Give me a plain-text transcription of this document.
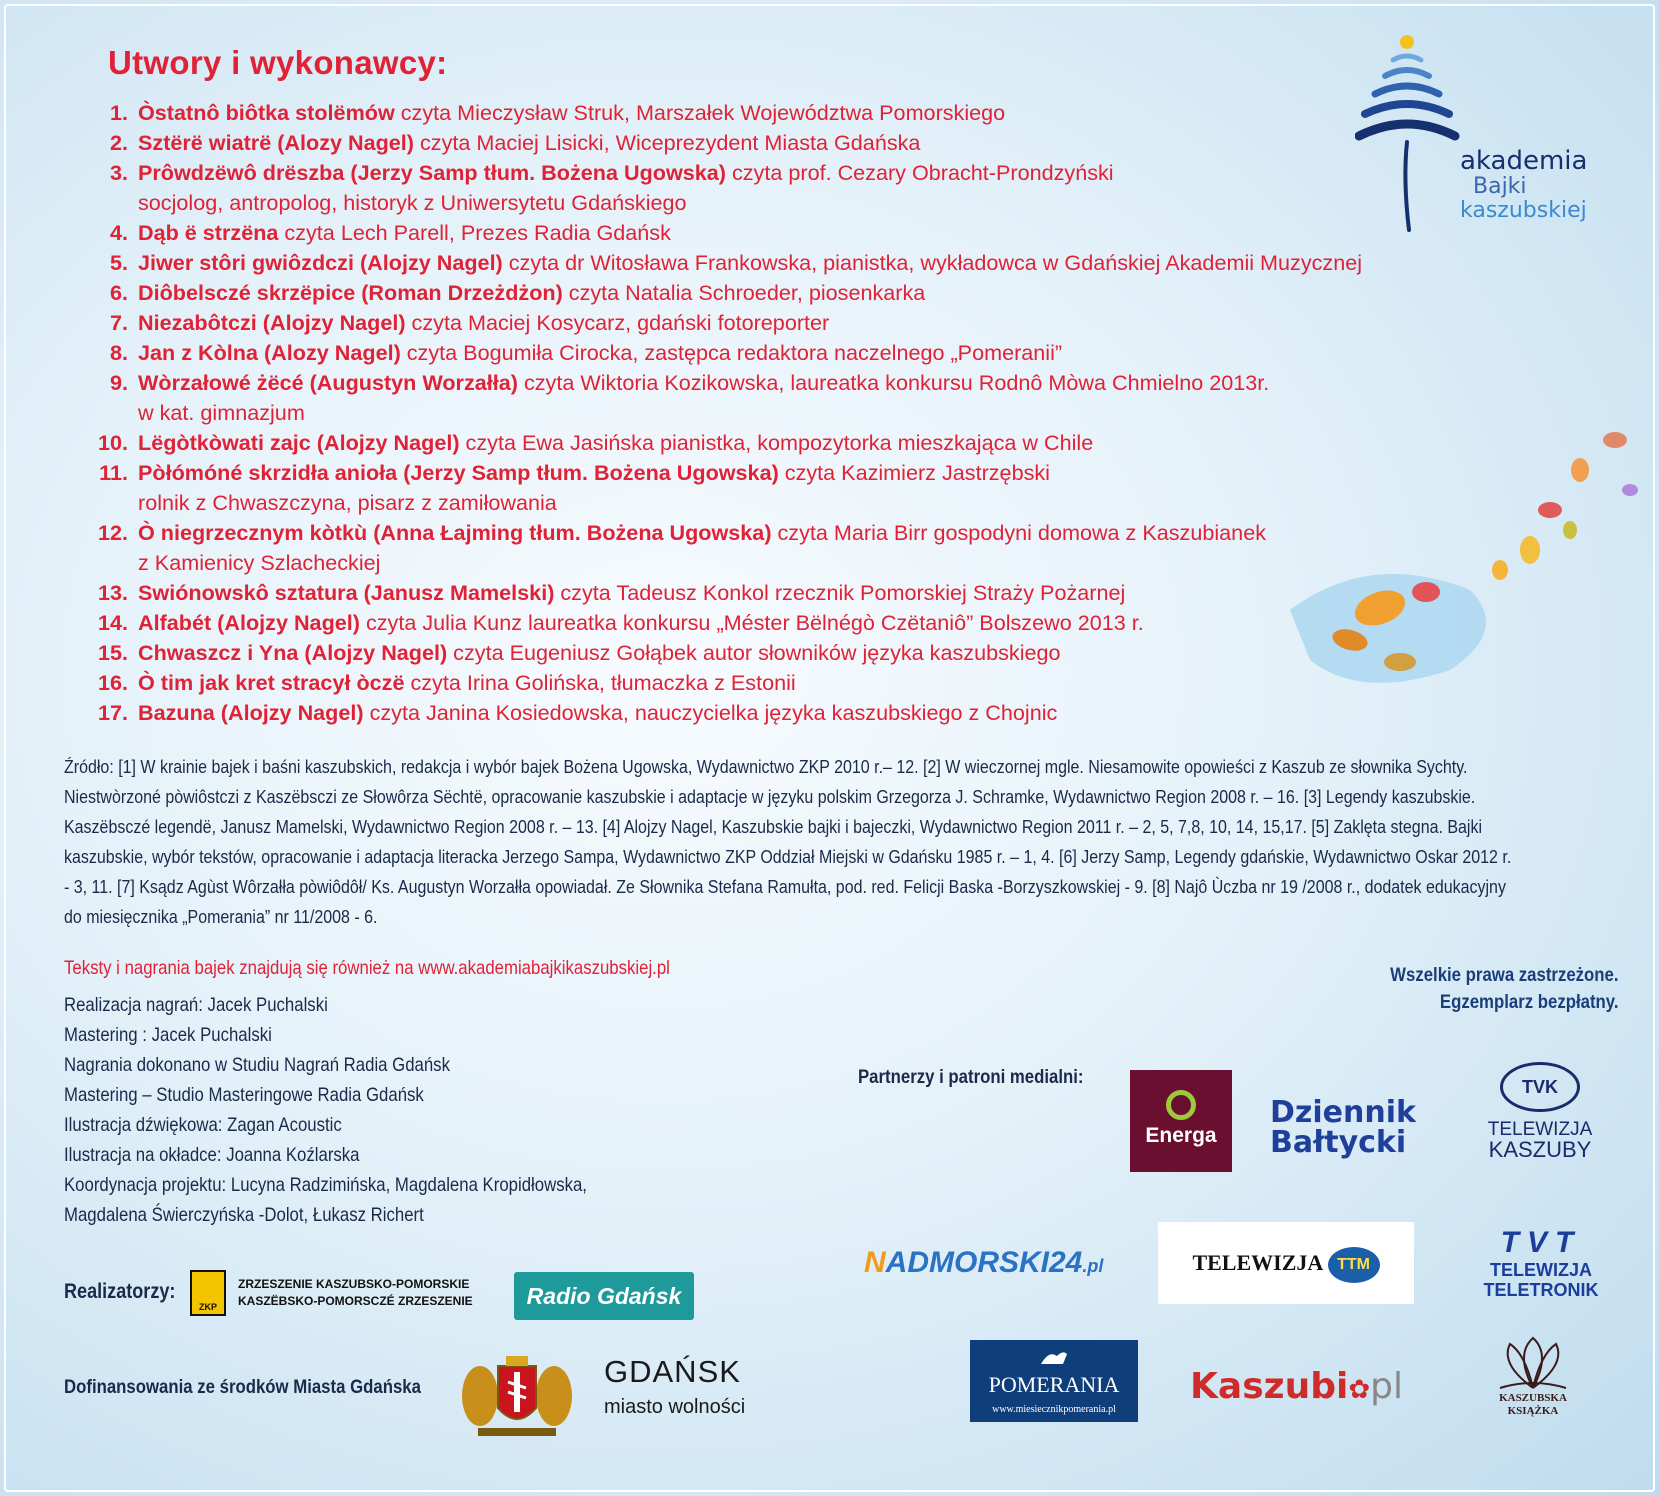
akademia
Bajki
kaszubskiej
Utwory i wykonawcy:
1. Òstatnô biôtka stolëmów czyta Mieczysław Struk, Marszałek Województwa Pomorskiego
2. Sztërë wiatrë (Alozy Nagel) czyta Maciej Lisicki, Wiceprezydent Miasta Gdańska
3. Prôwdzëwô drëszba (Jerzy Samp tłum. Bożena Ugowska) czyta prof. Cezary Obracht-Prondzyński
socjolog, antropolog, historyk z Uniwersytetu Gdańskiego
4. Dąb ë strzëna czyta Lech Parell, Prezes Radia Gdańsk
5. Jiwer stôri gwiôzdczi (Alojzy Nagel) czyta dr Witosława Frankowska, pianistka, wykładowca w Gdańskiej Akademii Muzycznej
6. Diôbelsczé skrzëpice (Roman Drzeżdżon) czyta Natalia Schroeder, piosenkarka
7. Niezabôtczi (Alojzy Nagel) czyta Maciej Kosycarz, gdański fotoreporter
8. Jan z Kòlna (Alozy Nagel) czyta Bogumiła Cirocka, zastępca redaktora naczelnego „Pomeranii”
9. Wòrzałowé żëcé (Augustyn Worzałła) czyta Wiktoria Kozikowska, laureatka konkursu Rodnô Mòwa Chmielno 2013r.
w kat. gimnazjum
10. Lëgòtkòwati zajc (Alojzy Nagel) czyta Ewa Jasińska pianistka, kompozytorka mieszkająca w Chile
11. Pòłómóné skrzidła anioła (Jerzy Samp tłum. Bożena Ugowska) czyta Kazimierz Jastrzębski
rolnik z Chwaszczyna, pisarz z zamiłowania
12. Ò niegrzecznym kòtkù (Anna Łajming tłum. Bożena Ugowska) czyta Maria Birr gospodyni domowa z Kaszubianek
z Kamienicy Szlacheckiej
13. Swiónowskô sztatura (Janusz Mamelski) czyta Tadeusz Konkol rzecznik Pomorskiej Straży Pożarnej
14. Alfabét (Alojzy Nagel) czyta Julia Kunz laureatka konkursu „Méster Bëlnégò Czëtaniô” Bolszewo 2013 r.
15. Chwaszcz i Yna (Alojzy Nagel) czyta Eugeniusz Gołąbek autor słowników języka kaszubskiego
16. Ò tim jak kret stracył òczë czyta Irina Golińska, tłumaczka z Estonii
17. Bazuna (Alojzy Nagel) czyta Janina Kosiedowska, nauczycielka języka kaszubskiego z Chojnic
Źródło: [1] W krainie bajek i baśni kaszubskich, redakcja i wybór bajek Bożena Ugowska, Wydawnictwo ZKP 2010 r.– 12. [2] W wieczornej mgle. Niesamowite opowieści z Kaszub ze słownika Sychty.
Niestwòrzoné pòwiôstczi z Kaszëbsczi ze Słowôrza Sëchtë, opracowanie kaszubskie i adaptacje w języku polskim Grzegorza J. Schramke, Wydawnictwo Region 2008 r. – 16. [3] Legendy kaszubskie.
Kaszëbsczé legendë, Janusz Mamelski, Wydawnictwo Region 2008 r. – 13. [4] Alojzy Nagel, Kaszubskie bajki i bajeczki, Wydawnictwo Region 2011 r. – 2, 5, 7,8, 10, 14, 15,17. [5] Zaklęta stegna. Bajki
kaszubskie, wybór tekstów, opracowanie i adaptacja literacka Jerzego Sampa, Wydawnictwo ZKP Oddział Miejski w Gdańsku 1985 r. – 1, 4. [6] Jerzy Samp, Legendy gdańskie, Wydawnictwo Oskar 2012 r.
- 3, 11. [7] Ksądz Agùst Wôrzałła pòwiôdôł/ Ks. Augustyn Worzałła opowiadał. Ze Słownika Stefana Ramułta, pod. red. Felicji Baska -Borzyszkowskiej - 9. [8] Najô Ùczba nr 19 /2008 r., dodatek edukacyjny
do miesięcznika „Pomerania” nr 11/2008 - 6.
Teksty i nagrania bajek znajdują się również na www.akademiabajkikaszubskiej.pl
Realizacja nagrań: Jacek Puchalski
Mastering : Jacek Puchalski
Nagrania dokonano w Studiu Nagrań Radia Gdańsk
Mastering – Studio Masteringowe Radia Gdańsk
Ilustracja dźwiękowa: Zagan Acoustic
Ilustracja na okładce: Joanna Koźlarska
Koordynacja projektu: Lucyna Radzimińska, Magdalena Kropidłowska,
Magdalena Świerczyńska -Dolot, Łukasz Richert
Wszelkie prawa zastrzeżone.
Egzemplarz bezpłatny.
Partnerzy i patroni medialni:
Energa
Dziennik
Bałtycki
TVK
TELEWIZJA
KASZUBY
NADMORSKI24.pl	TELEWIZJA TTM
TVT
TELEWIZJA
TELETRONIK
Realizatorzy:
ZKP
ZRZESZENIE KASZUBSKO-POMORSKIE
KASZËBSKO-POMORSCZÉ ZRZESZENIE	Radio Gdańsk
Dofinansowania ze środków Miasta Gdańska	GDAŃSK
miasto wolności
POMERANIA
www.miesiecznikpomerania.pl
Kaszubi✿pl	KASZUBSKA
KSIĄŻKA
